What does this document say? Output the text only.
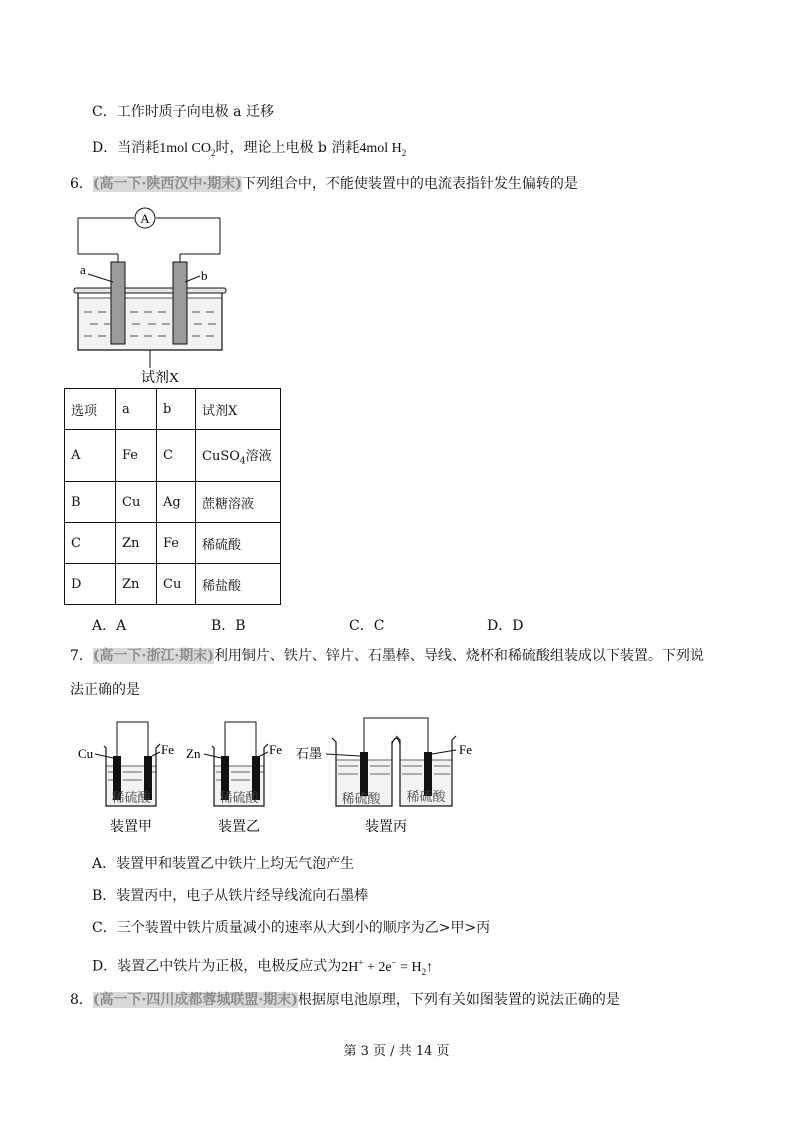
C．工作时质子向电极 a 迁移
D．当消耗1mol $CO_2$时，理论上电极 b 消耗4mol $H_2$
6．(高一下·陕西汉中·期末)下列组合中，不能使装置中的电流表指针发生偏转的是
A
a	b
试剂X
选项	a	b	试剂X
A	Fe	C	CuSO$_4$溶液
B	Cu	Ag	蔗糖溶液
C	Zn	Fe	稀硫酸
D	Zn	Cu	稀盐酸
A．A	B．B	C．C	D．D
7．(高一下·浙江·期末)利用铜片、铁片、锌片、石墨棒、导线、烧杯和稀硫酸组装成以下装置。下列说
法正确的是
Cu	Fe
稀硫酸
装置甲
Zn	Fe
稀硫酸
装置乙
石墨	Fe
稀硫酸 稀硫酸
装置丙
A．装置甲和装置乙中铁片上均无气泡产生
B．装置丙中，电子从铁片经导线流向石墨棒
C．三个装置中铁片质量减小的速率从大到小的顺序为乙>甲>丙
D．装置乙中铁片为正极，电极反应式为$2H^+ + 2e^- = H_2↑$
8．(高一下·四川成都蓉城联盟·期末)根据原电池原理，下列有关如图装置的说法正确的是
第 3 页 / 共 14 页
